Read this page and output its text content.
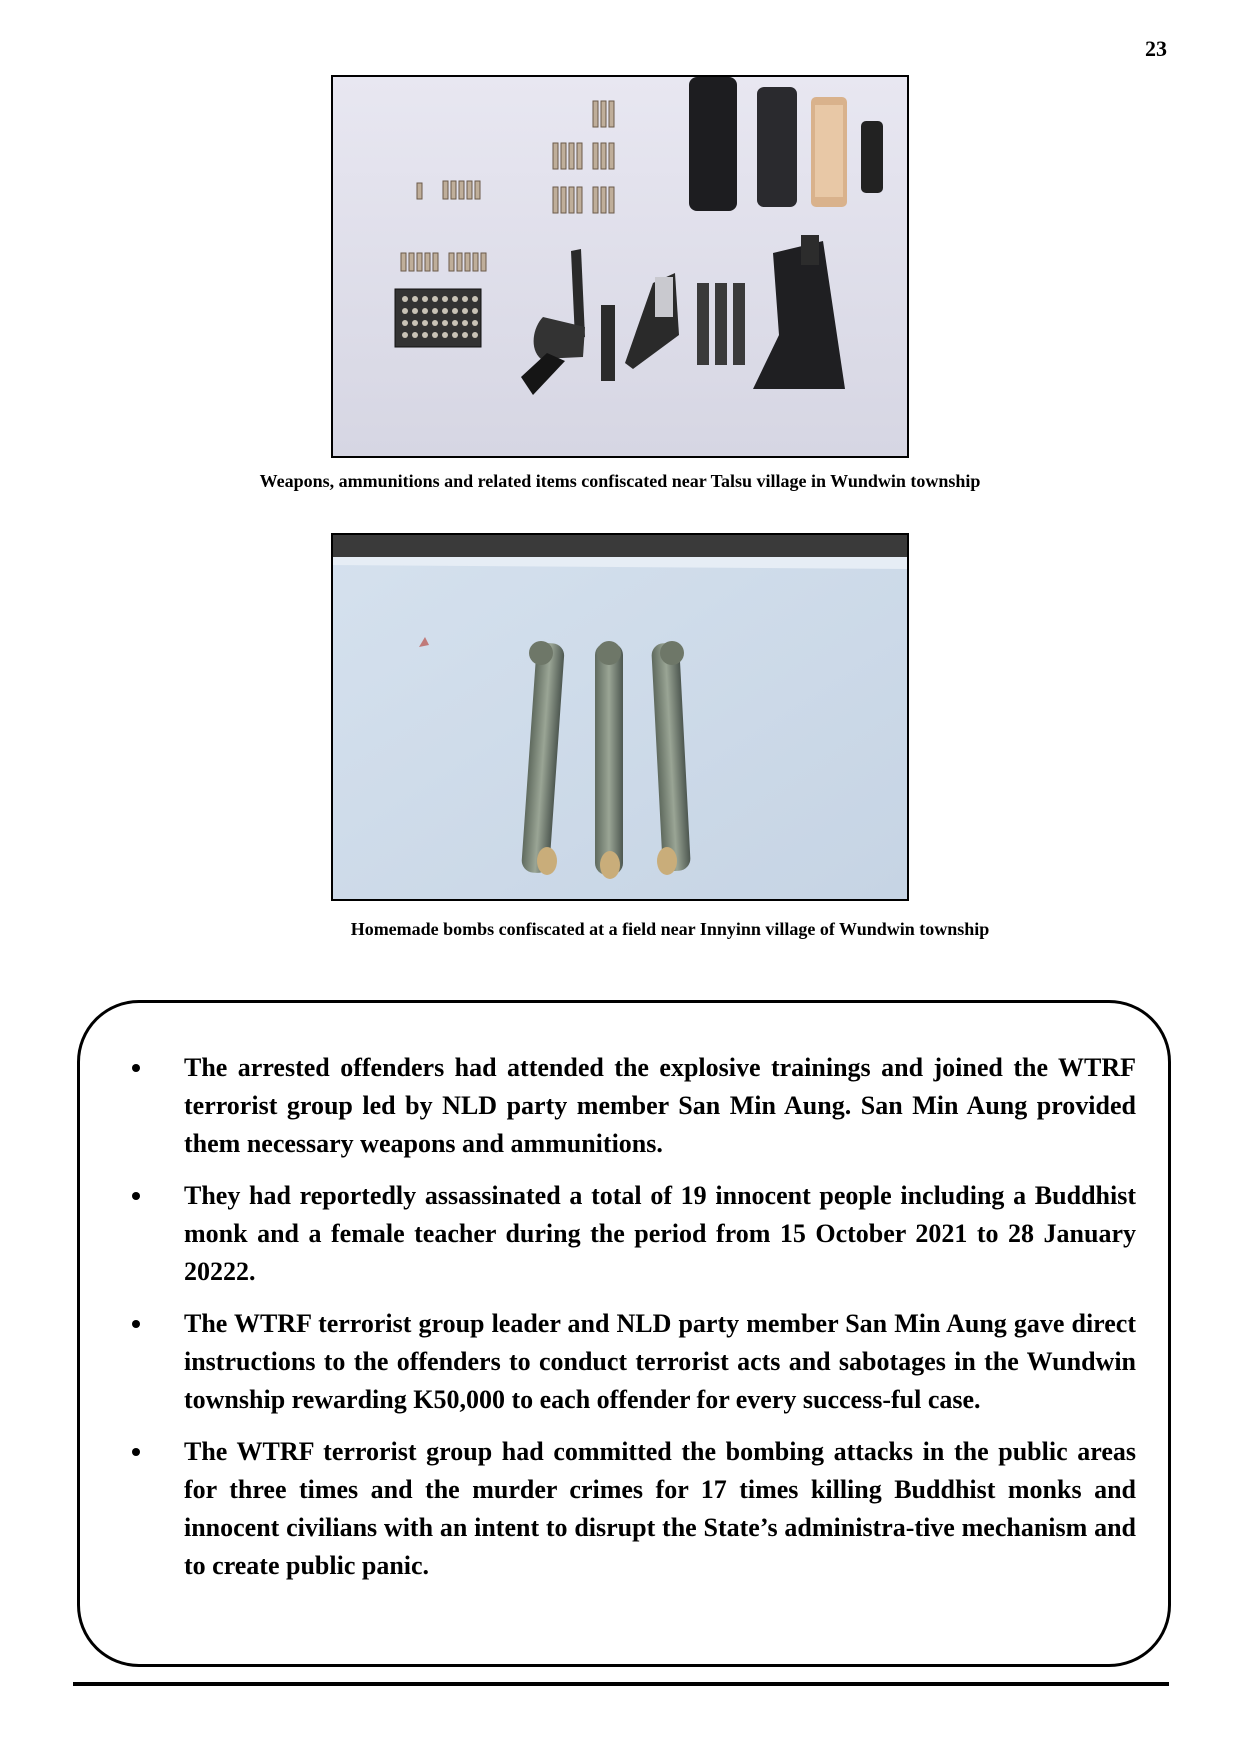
23
Weapons, ammunitions and related items confiscated near Talsu village in Wundwin township
Homemade bombs confiscated at a field near Innyinn village of Wundwin township
The arrested offenders had attended the explosive trainings and joined the WTRF terrorist group led by NLD party member San Min Aung. San Min Aung provided them necessary weapons and ammunitions.
They had reportedly assassinated a total of 19 innocent people including a Buddhist monk and a female teacher during the period from 15 October 2021 to 28 January 20222.
The WTRF terrorist group leader and NLD party member San Min Aung gave direct instructions to the offenders to conduct terrorist acts and sabotages in the Wundwin township rewarding K50,000 to each offender for every success-ful case.
The WTRF terrorist group had committed the bombing attacks in the public areas for three times and the murder crimes for 17 times killing Buddhist monks and innocent civilians with an intent to disrupt the State’s administra-tive mechanism and to create public panic.
